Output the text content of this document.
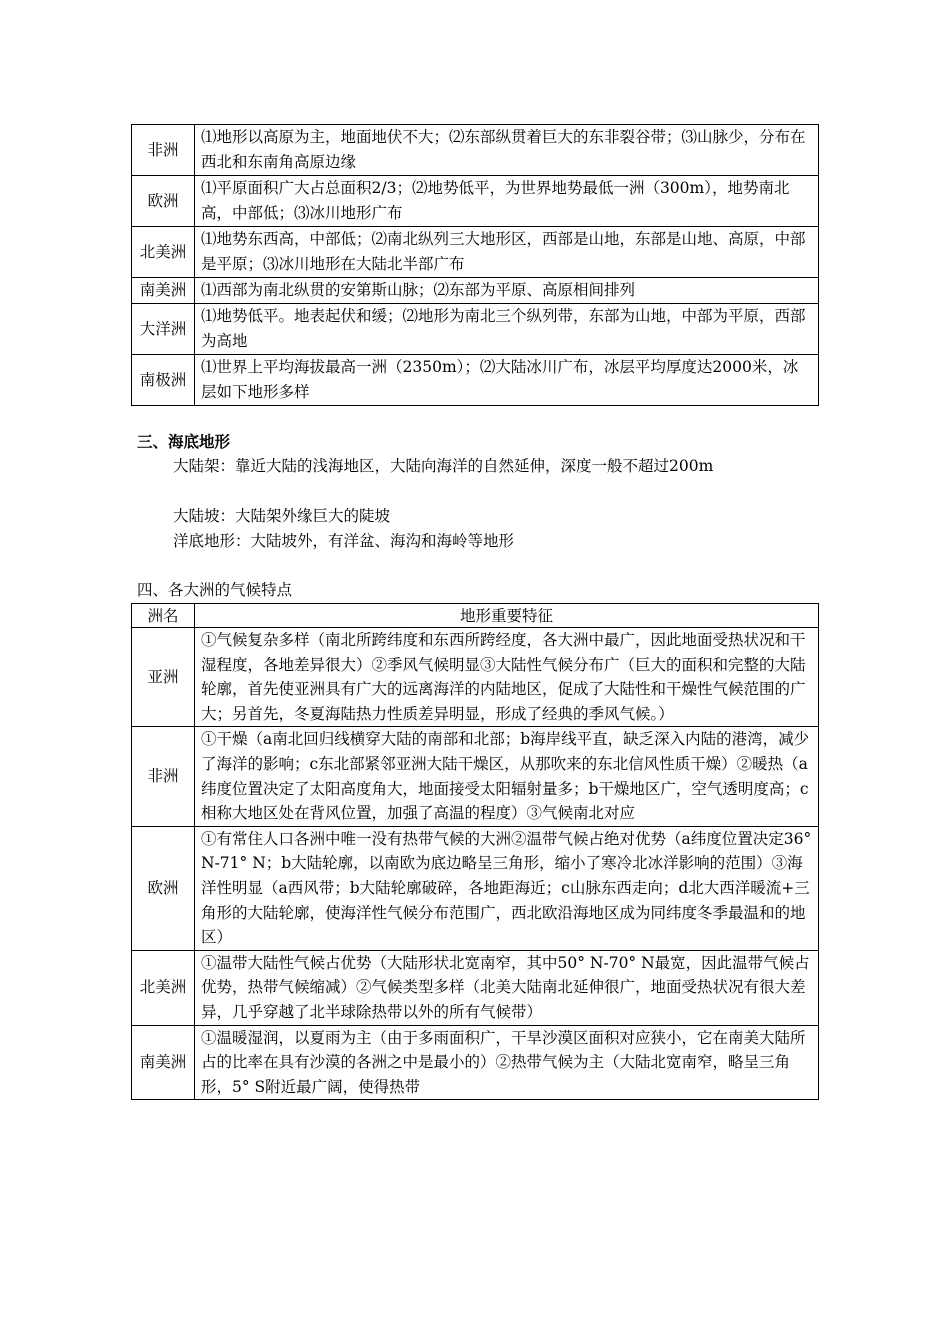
非洲	⑴地形以高原为主，地面地伏不大；⑵东部纵贯着巨大的东非裂谷带；⑶山脉少，分布在西北和东南角高原边缘
欧洲	⑴平原面积广大占总面积2/3；⑵地势低平，为世界地势最低一洲（300m），地势南北高，中部低；⑶冰川地形广布
北美洲	⑴地势东西高，中部低；⑵南北纵列三大地形区，西部是山地，东部是山地、高原，中部是平原；⑶冰川地形在大陆北半部广布
南美洲	⑴西部为南北纵贯的安第斯山脉；⑵东部为平原、高原相间排列
大洋洲	⑴地势低平。地表起伏和缓；⑵地形为南北三个纵列带，东部为山地，中部为平原，西部为高地
南极洲	⑴世界上平均海拔最高一洲（2350m）；⑵大陆冰川广布，冰层平均厚度达2000米，冰层如下地形多样
三、海底地形
大陆架：靠近大陆的浅海地区，大陆向海洋的自然延伸，深度一般不超过200m
大陆坡：大陆架外缘巨大的陡坡
洋底地形：大陆坡外，有洋盆、海沟和海岭等地形
四、各大洲的气候特点
洲名	地形重要特征
亚洲	①气候复杂多样（南北所跨纬度和东西所跨经度，各大洲中最广，因此地面受热状况和干湿程度，各地差异很大）②季风气候明显③大陆性气候分布广（巨大的面积和完整的大陆轮廓，首先使亚洲具有广大的远离海洋的内陆地区，促成了大陆性和干燥性气候范围的广大；另首先，冬夏海陆热力性质差异明显，形成了经典的季风气候。）
非洲	①干燥（a南北回归线横穿大陆的南部和北部；b海岸线平直，缺乏深入内陆的港湾，减少了海洋的影响；c东北部紧邻亚洲大陆干燥区，从那吹来的东北信风性质干燥）②暖热（a纬度位置决定了太阳高度角大，地面接受太阳辐射量多；b干燥地区广，空气透明度高；c相称大地区处在背风位置，加强了高温的程度）③气候南北对应
欧洲	①有常住人口各洲中唯一没有热带气候的大洲②温带气候占绝对优势（a纬度位置决定36° N-71° N；b大陆轮廓，以南欧为底边略呈三角形，缩小了寒冷北冰洋影响的范围）③海洋性明显（a西风带；b大陆轮廓破碎，各地距海近；c山脉东西走向；d北大西洋暖流+三角形的大陆轮廓，使海洋性气候分布范围广，西北欧沿海地区成为同纬度冬季最温和的地区）
北美洲	①温带大陆性气候占优势（大陆形状北宽南窄，其中50° N-70° N最宽，因此温带气候占优势，热带气候缩减）②气候类型多样（北美大陆南北延伸很广，地面受热状况有很大差异，几乎穿越了北半球除热带以外的所有气候带）
南美洲	①温暖湿润，以夏雨为主（由于多雨面积广，干旱沙漠区面积对应狭小，它在南美大陆所占的比率在具有沙漠的各洲之中是最小的）②热带气候为主（大陆北宽南窄，略呈三角形，5° S附近最广阔，使得热带
